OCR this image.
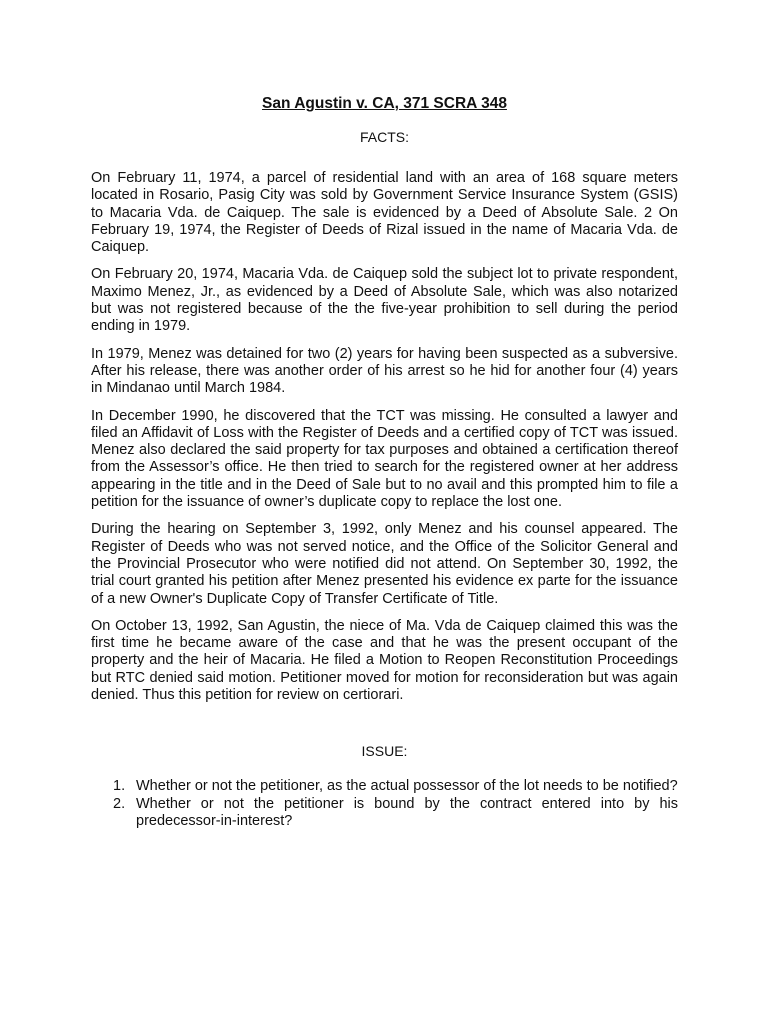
San Agustin v. CA, 371 SCRA 348

FACTS:

On February 11, 1974, a parcel of residential land with an area of 168 square meters located in Rosario, Pasig City was sold by Government Service Insurance System (GSIS) to Macaria Vda. de Caiquep. The sale is evidenced by a Deed of Absolute Sale. 2 On February 19, 1974, the Register of Deeds of Rizal issued in the name of Macaria Vda. de Caiquep.

On February 20, 1974, Macaria Vda. de Caiquep sold the subject lot to private respondent, Maximo Menez, Jr., as evidenced by a Deed of Absolute Sale, which was also notarized but was not registered because of the the five-year prohibition to sell during the period ending in 1979.

In 1979, Menez was detained for two (2) years for having been suspected as a subversive. After his release, there was another order of his arrest so he hid for another four (4) years in Mindanao until March 1984.

In December 1990, he discovered that the TCT was missing. He consulted a lawyer and filed an Affidavit of Loss with the Register of Deeds and a certified copy of TCT was issued. Menez also declared the said property for tax purposes and obtained a certification thereof from the Assessor’s office. He then tried to search for the registered owner at her address appearing in the title and in the Deed of Sale but to no avail and this prompted him to file a petition for the issuance of owner’s duplicate copy to replace the lost one.

During the hearing on September 3, 1992, only Menez and his counsel appeared. The Register of Deeds who was not served notice, and the Office of the Solicitor General and the Provincial Prosecutor who were notified did not attend. On September 30, 1992, the trial court granted his petition after Menez presented his evidence ex parte for the issuance of a new Owner's Duplicate Copy of Transfer Certificate of Title.

On October 13, 1992, San Agustin, the niece of Ma. Vda de Caiquep claimed this was the first time he became aware of the case and that he was the present occupant of the property and the heir of Macaria. He filed a Motion to Reopen Reconstitution Proceedings but RTC denied said motion. Petitioner moved for motion for reconsideration but was again denied. Thus this petition for review on certiorari.

ISSUE:

1. Whether or not the petitioner, as the actual possessor of the lot needs to be notified?
2. Whether or not the petitioner is bound by the contract entered into by his predecessor-in-interest?
